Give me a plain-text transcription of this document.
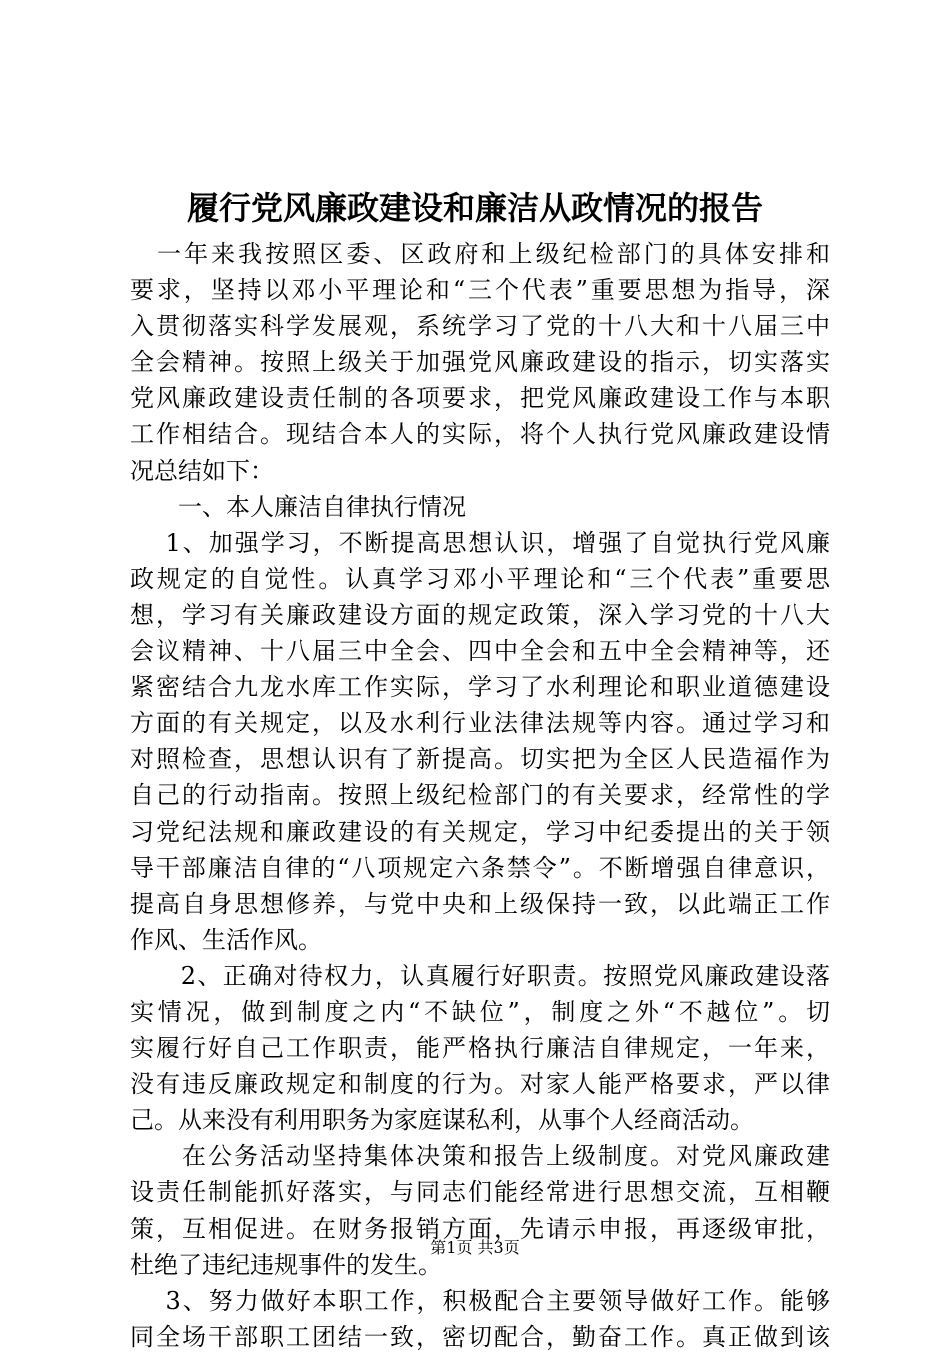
履行党风廉政建设和廉洁从政情况的报告
　一年来我按照区委、区政府和上级纪检部门的具体安排和
要求，坚持以邓小平理论和“三个代表”重要思想为指导，深
入贯彻落实科学发展观，系统学习了党的十八大和十八届三中
全会精神。按照上级关于加强党风廉政建设的指示，切实落实
党风廉政建设责任制的各项要求，把党风廉政建设工作与本职
工作相结合。现结合本人的实际，将个人执行党风廉政建设情
况总结如下：
　　一、本人廉洁自律执行情况
　 1、加强学习，不断提高思想认识，增强了自觉执行党风廉
政规定的自觉性。认真学习邓小平理论和“三个代表”重要思
想，学习有关廉政建设方面的规定政策，深入学习党的十八大
会议精神、十八届三中全会、四中全会和五中全会精神等，还
紧密结合九龙水库工作实际，学习了水利理论和职业道德建设
方面的有关规定，以及水利行业法律法规等内容。通过学习和
对照检查，思想认识有了新提高。切实把为全区人民造福作为
自己的行动指南。按照上级纪检部门的有关要求，经常性的学
习党纪法规和廉政建设的有关规定，学习中纪委提出的关于领
导干部廉洁自律的“八项规定六条禁令”。不断增强自律意识，
提高自身思想修养，与党中央和上级保持一致，以此端正工作
作风、生活作风。
　　2、正确对待权力，认真履行好职责。按照党风廉政建设落
实情况，做到制度之内“不缺位”，制度之外“不越位”。切
实履行好自己工作职责，能严格执行廉洁自律规定，一年来，
没有违反廉政规定和制度的行为。对家人能严格要求，严以律
己。从来没有利用职务为家庭谋私利，从事个人经商活动。
　　在公务活动坚持集体决策和报告上级制度。对党风廉政建
设责任制能抓好落实，与同志们能经常进行思想交流，互相鞭
策，互相促进。在财务报销方面，先请示申报，再逐级审批，
杜绝了违纪违规事件的发生。
　 3、努力做好本职工作，积极配合主要领导做好工作。能够
同全场干部职工团结一致，密切配合，勤奋工作。真正做到该
第1页 共3页
